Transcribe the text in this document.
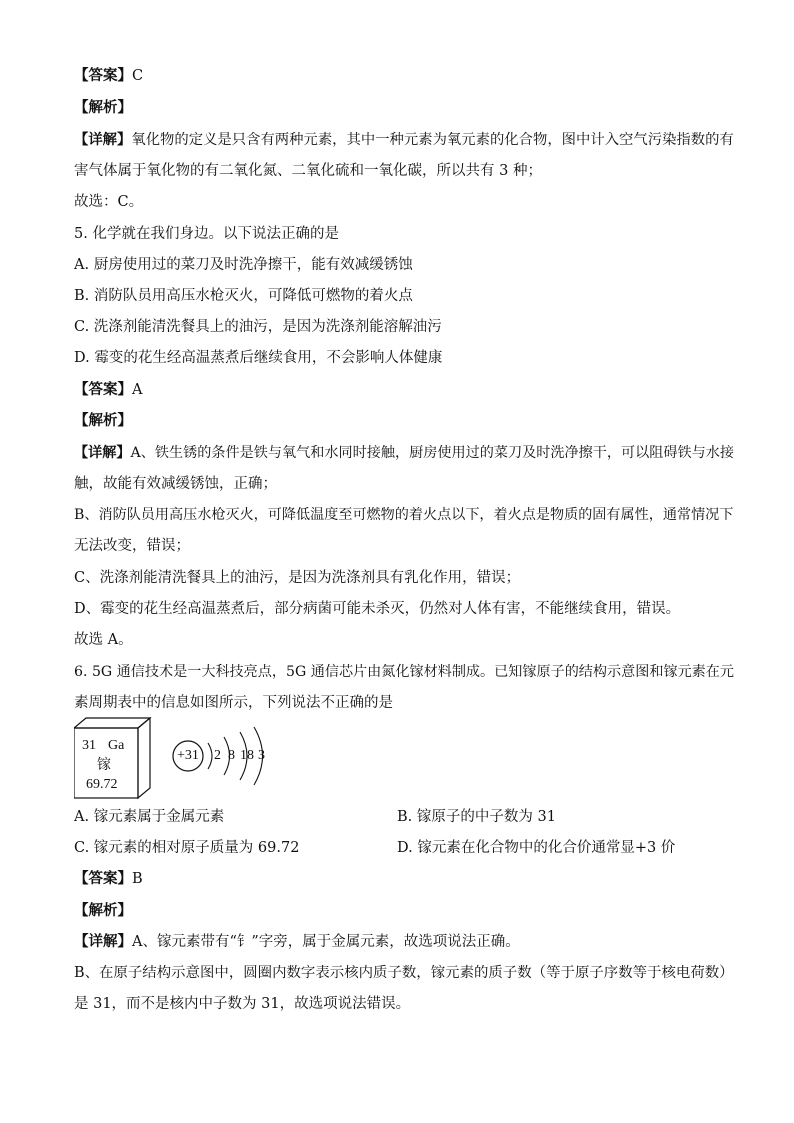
【答案】C
【解析】
【详解】氧化物的定义是只含有两种元素，其中一种元素为氧元素的化合物，图中计入空气污染指数的有
害气体属于氧化物的有二氧化氮、二氧化硫和一氧化碳，所以共有 3 种；
故选：C。
5. 化学就在我们身边。以下说法正确的是
A. 厨房使用过的菜刀及时洗净擦干，能有效减缓锈蚀
B. 消防队员用高压水枪灭火，可降低可燃物的着火点
C. 洗涤剂能清洗餐具上的油污，是因为洗涤剂能溶解油污
D. 霉变的花生经高温蒸煮后继续食用，不会影响人体健康
【答案】A
【解析】
【详解】A、铁生锈的条件是铁与氧气和水同时接触，厨房使用过的菜刀及时洗净擦干，可以阻碍铁与水接
触，故能有效减缓锈蚀，正确；
B、消防队员用高压水枪灭火，可降低温度至可燃物的着火点以下，着火点是物质的固有属性，通常情况下
无法改变，错误；
C、洗涤剂能清洗餐具上的油污，是因为洗涤剂具有乳化作用，错误；
D、霉变的花生经高温蒸煮后，部分病菌可能未杀灭，仍然对人体有害，不能继续食用，错误。
故选 A。
6. 5G 通信技术是一大科技亮点，5G 通信芯片由氮化镓材料制成。已知镓原子的结构示意图和镓元素在元
素周期表中的信息如图所示，下列说法不正确的是
31 Ga
镓
69.72
+31 2 8 18 3
A. 镓元素属于金属元素	B. 镓原子的中子数为 31
C. 镓元素的相对原子质量为 69.72	D. 镓元素在化合物中的化合价通常显+3 价
【答案】B
【解析】
【详解】A、镓元素带有“钅”字旁，属于金属元素，故选项说法正确。
B、在原子结构示意图中，圆圈内数字表示核内质子数，镓元素的质子数（等于原子序数等于核电荷数）
是 31，而不是核内中子数为 31，故选项说法错误。
